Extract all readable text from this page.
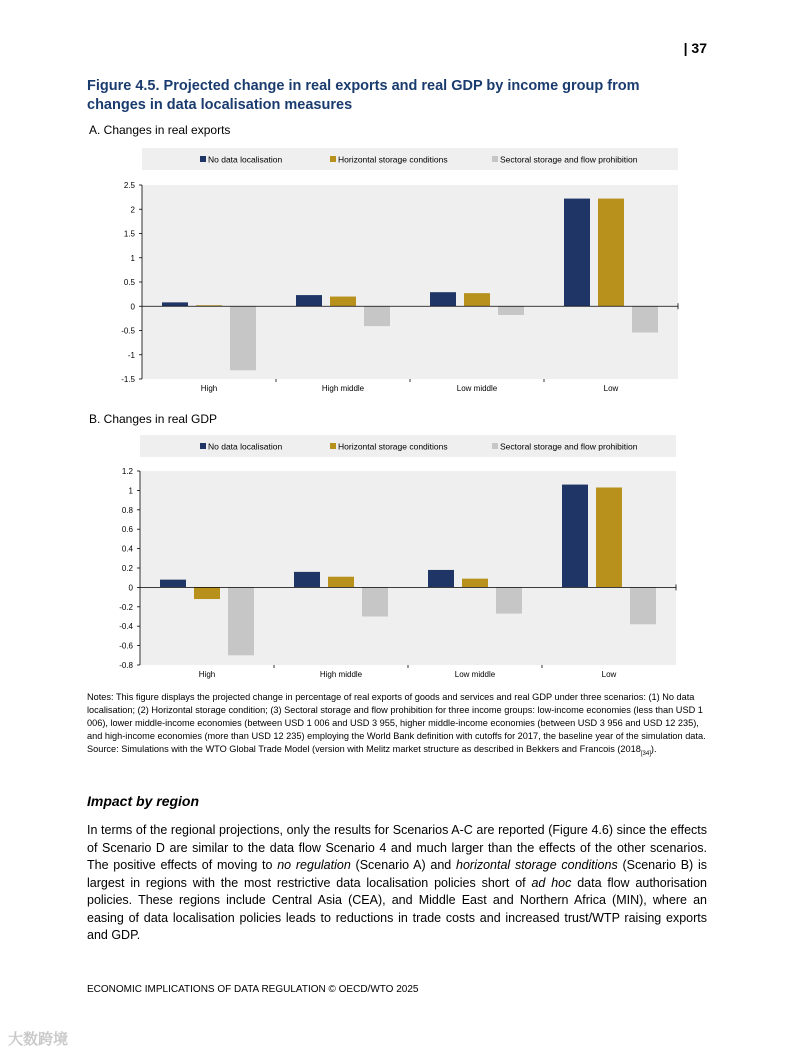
| 37
Figure 4.5. Projected change in real exports and real GDP by income group from changes in data localisation measures
A. Changes in real exports
No data localisation	Horizontal storage conditions	Sectoral storage and flow prohibition
2.5
2
1.5
1
0.5
0
-0.5
-1
-1.5
High	High middle	Low middle	Low
B. Changes in real GDP
No data localisation	Horizontal storage conditions	Sectoral storage and flow prohibition
1.2
1
0.8
0.6
0.4
0.2
0
-0.2
-0.4
-0.6
-0.8
High	High middle	Low middle	Low

Notes: This figure displays the projected change in percentage of real exports of goods and services and real GDP under three scenarios: (1) No data localisation; (2) Horizontal storage condition; (3) Sectoral storage and flow prohibition for three income groups: low-income economies (less than USD 1 006), lower middle-income economies (between USD 1 006 and USD 3 955, higher middle-income economies (between USD 3 956 and USD 12 235), and high-income economies (more than USD 12 235) employing the World Bank definition with cutoffs for 2017, the baseline year of the simulation data.

Source: Simulations with the WTO Global Trade Model (version with Melitz market structure as described in Bekkers and Francois $(2018_{[34]})$.

Impact by region
In terms of the regional projections, only the results for Scenarios A-C are reported (Figure 4.6) since the effects of Scenario D are similar to the data flow Scenario 4 and much larger than the effects of the other scenarios. The positive effects of moving to no regulation (Scenario A) and horizontal storage conditions (Scenario B) is largest in regions with the most restrictive data localisation policies short of ad hoc data flow authorisation policies. These regions include Central Asia (CEA), and Middle East and Northern Africa (MIN), where an easing of data localisation policies leads to reductions in trade costs and increased trust/WTP raising exports and GDP.
ECONOMIC IMPLICATIONS OF DATA REGULATION © OECD/WTO 2025
大数跨境
